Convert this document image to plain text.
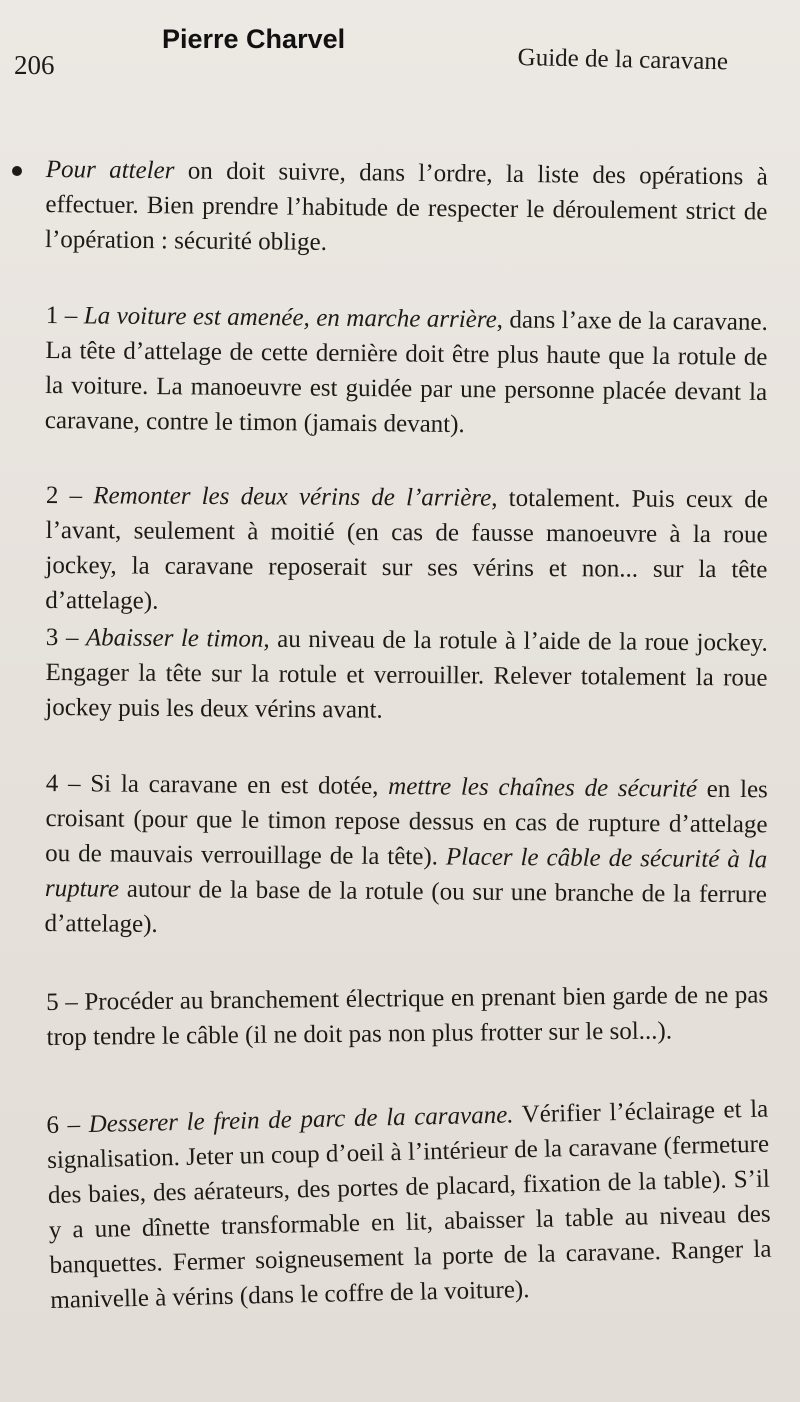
Pierre Charvel
206	Guide de la caravane

Pour atteler on doit suivre, dans l’ordre, la liste des opérations à effectuer. Bien prendre l’habitude de respecter le déroulement strict de l’opération : sécurité oblige.

1 – La voiture est amenée, en marche arrière, dans l’axe de la caravane. La tête d’attelage de cette dernière doit être plus haute que la rotule de la voiture. La manoeuvre est guidée par une personne placée devant la caravane, contre le timon (jamais devant).

2 – Remonter les deux vérins de l’arrière, totalement. Puis ceux de l’avant, seulement à moitié (en cas de fausse manoeuvre à la roue jockey, la caravane reposerait sur ses vérins et non... sur la tête d’attelage).

3 – Abaisser le timon, au niveau de la rotule à l’aide de la roue jockey. Engager la tête sur la rotule et verrouiller. Relever totalement la roue jockey puis les deux vérins avant.

4 – Si la caravane en est dotée, mettre les chaînes de sécurité en les croisant (pour que le timon repose dessus en cas de rupture d’attelage ou de mauvais verrouillage de la tête). Placer le câble de sécurité à la rupture autour de la base de la rotule (ou sur une branche de la ferrure d’attelage).

5 – Procéder au branchement électrique en prenant bien garde de ne pas trop tendre le câble (il ne doit pas non plus frotter sur le sol...).

6 – Desserer le frein de parc de la caravane. Vérifier l’éclairage et la signalisation. Jeter un coup d’oeil à l’intérieur de la caravane (fermeture des baies, des aérateurs, des portes de placard, fixation de la table). S’il y a une dînette transformable en lit, abaisser la table au niveau des banquettes. Fermer soigneusement la porte de la caravane. Ranger la manivelle à vérins (dans le coffre de la voiture).
